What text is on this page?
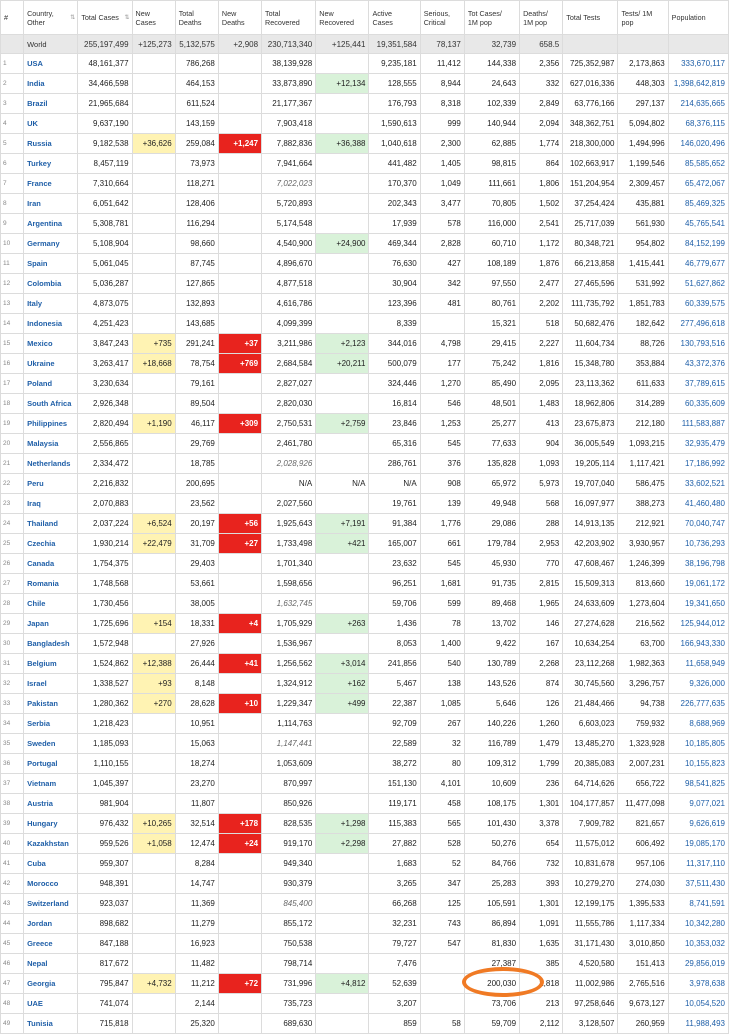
#	Country, Other ⇅	Total Cases ⇅	New Cases	Total Deaths	New Deaths	Total Recovered	New Recovered	Active Cases	Serious, Critical	Tot Cases/ 1M pop	Deaths/ 1M pop	Total Tests	Tests/ 1M pop	Population
	World	255,197,499	+125,273	5,132,575	+2,908	230,713,340	+125,441	19,351,584	78,137	32,739	658.5			
1	USA	48,161,377		786,268		38,139,928		9,235,181	11,412	144,338	2,356	725,352,987	2,173,863	333,670,117
2	India	34,466,598		464,153		33,873,890	+12,134	128,555	8,944	24,643	332	627,016,336	448,303	1,398,642,819
3	Brazil	21,965,684		611,524		21,177,367		176,793	8,318	102,339	2,849	63,776,166	297,137	214,635,665
4	UK	9,637,190		143,159		7,903,418		1,590,613	999	140,944	2,094	348,362,751	5,094,802	68,376,115
5	Russia	9,182,538	+36,626	259,084	+1,247	7,882,836	+36,388	1,040,618	2,300	62,885	1,774	218,300,000	1,494,996	146,020,496
6	Turkey	8,457,119		73,973		7,941,664		441,482	1,405	98,815	864	102,663,917	1,199,546	85,585,652
7	France	7,310,664		118,271		7,022,023		170,370	1,049	111,661	1,806	151,204,954	2,309,457	65,472,067
8	Iran	6,051,642		128,406		5,720,893		202,343	3,477	70,805	1,502	37,254,424	435,881	85,469,325
9	Argentina	5,308,781		116,294		5,174,548		17,939	578	116,000	2,541	25,717,039	561,930	45,765,541
10	Germany	5,108,904		98,660		4,540,900	+24,900	469,344	2,828	60,710	1,172	80,348,721	954,802	84,152,199
11	Spain	5,061,045		87,745		4,896,670		76,630	427	108,189	1,876	66,213,858	1,415,441	46,779,677
12	Colombia	5,036,287		127,865		4,877,518		30,904	342	97,550	2,477	27,465,596	531,992	51,627,862
13	Italy	4,873,075		132,893		4,616,786		123,396	481	80,761	2,202	111,735,792	1,851,783	60,339,575
14	Indonesia	4,251,423		143,685		4,099,399		8,339		15,321	518	50,682,476	182,642	277,496,618
15	Mexico	3,847,243	+735	291,241	+37	3,211,986	+2,123	344,016	4,798	29,415	2,227	11,604,734	88,726	130,793,516
16	Ukraine	3,263,417	+18,668	78,754	+769	2,684,584	+20,211	500,079	177	75,242	1,816	15,348,780	353,884	43,372,376
17	Poland	3,230,634		79,161		2,827,027		324,446	1,270	85,490	2,095	23,113,362	611,633	37,789,615
18	South Africa	2,926,348		89,504		2,820,030		16,814	546	48,501	1,483	18,962,806	314,289	60,335,609
19	Philippines	2,820,494	+1,190	46,117	+309	2,750,531	+2,759	23,846	1,253	25,277	413	23,675,873	212,180	111,583,887
20	Malaysia	2,556,865		29,769		2,461,780		65,316	545	77,633	904	36,005,549	1,093,215	32,935,479
21	Netherlands	2,334,472		18,785		2,028,926		286,761	376	135,828	1,093	19,205,114	1,117,421	17,186,992
22	Peru	2,216,832		200,695		N/A	N/A	N/A	908	65,972	5,973	19,707,040	586,475	33,602,521
23	Iraq	2,070,883		23,562		2,027,560		19,761	139	49,948	568	16,097,977	388,273	41,460,480
24	Thailand	2,037,224	+6,524	20,197	+56	1,925,643	+7,191	91,384	1,776	29,086	288	14,913,135	212,921	70,040,747
25	Czechia	1,930,214	+22,479	31,709	+27	1,733,498	+421	165,007	661	179,784	2,953	42,203,902	3,930,957	10,736,293
26	Canada	1,754,375		29,403		1,701,340		23,632	545	45,930	770	47,608,467	1,246,399	38,196,798
27	Romania	1,748,568		53,661		1,598,656		96,251	1,681	91,735	2,815	15,509,313	813,660	19,061,172
28	Chile	1,730,456		38,005		1,632,745		59,706	599	89,468	1,965	24,633,609	1,273,604	19,341,650
29	Japan	1,725,696	+154	18,331	+4	1,705,929	+263	1,436	78	13,702	146	27,274,628	216,562	125,944,012
30	Bangladesh	1,572,948		27,926		1,536,967		8,053	1,400	9,422	167	10,634,254	63,700	166,943,330
31	Belgium	1,524,862	+12,388	26,444	+41	1,256,562	+3,014	241,856	540	130,789	2,268	23,112,268	1,982,363	11,658,949
32	Israel	1,338,527	+93	8,148		1,324,912	+162	5,467	138	143,526	874	30,745,560	3,296,757	9,326,000
33	Pakistan	1,280,362	+270	28,628	+10	1,229,347	+499	22,387	1,085	5,646	126	21,484,466	94,738	226,777,635
34	Serbia	1,218,423		10,951		1,114,763		92,709	267	140,226	1,260	6,603,023	759,932	8,688,969
35	Sweden	1,185,093		15,063		1,147,441		22,589	32	116,789	1,479	13,485,270	1,323,928	10,185,805
36	Portugal	1,110,155		18,274		1,053,609		38,272	80	109,312	1,799	20,385,083	2,007,231	10,155,823
37	Vietnam	1,045,397		23,270		870,997		151,130	4,101	10,609	236	64,714,626	656,722	98,541,825
38	Austria	981,904		11,807		850,926		119,171	458	108,175	1,301	104,177,857	11,477,098	9,077,021
39	Hungary	976,432	+10,265	32,514	+178	828,535	+1,298	115,383	565	101,430	3,378	7,909,782	821,657	9,626,619
40	Kazakhstan	959,526	+1,058	12,474	+24	919,170	+2,298	27,882	528	50,276	654	11,575,012	606,492	19,085,170
41	Cuba	959,307		8,284		949,340		1,683	52	84,766	732	10,831,678	957,106	11,317,110
42	Morocco	948,391		14,747		930,379		3,265	347	25,283	393	10,279,270	274,030	37,511,430
43	Switzerland	923,037		11,369		845,400		66,268	125	105,591	1,301	12,199,175	1,395,533	8,741,591
44	Jordan	898,682		11,279		855,172		32,231	743	86,894	1,091	11,555,786	1,117,334	10,342,280
45	Greece	847,188		16,923		750,538		79,727	547	81,830	1,635	31,171,430	3,010,850	10,353,032
46	Nepal	817,672		11,482		798,714		7,476		27,387	385	4,520,580	151,413	29,856,019
47	Georgia	795,847	+4,732	11,212	+72	731,996	+4,812	52,639		200,030	2,818	11,002,986	2,765,516	3,978,638
48	UAE	741,074		2,144		735,723		3,207		73,706	213	97,258,646	9,673,127	10,054,520
49	Tunisia	715,818		25,320		689,630		859	58	59,709	2,112	3,128,507	260,959	11,988,493
